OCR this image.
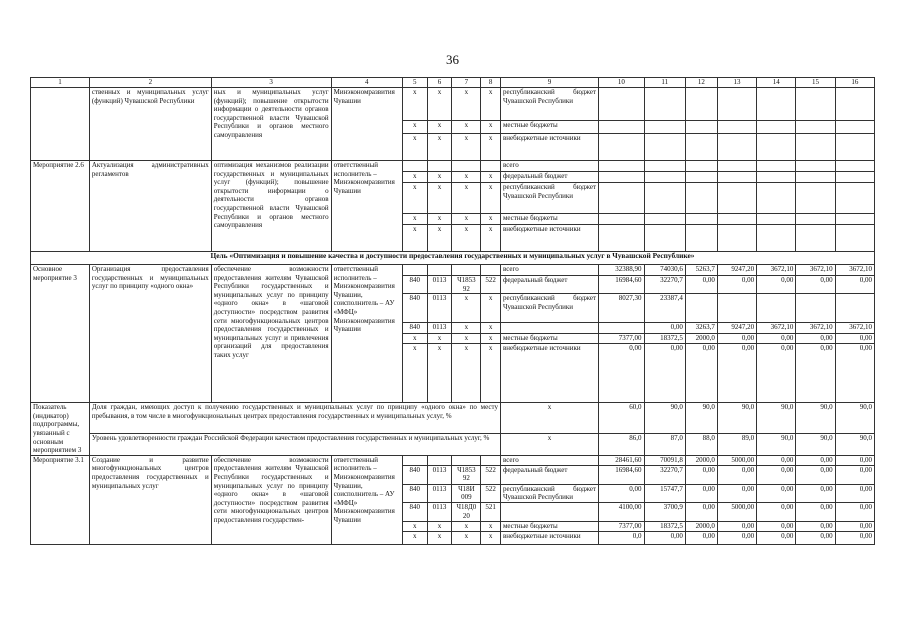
36
1	2	3	4	5	6	7	8	9	10	11	12	13	14	15	16
	ственных и муниципальных услуг (функций) Чувашской Республики	ных и муниципальных услуг (функций); повышение открытости информации о деятельности органов государственной власти Чувашской Республики и органов местного самоуправления	Минэкономразвития Чувашии	x	x	x	x	республиканский бюджет Чувашской Республики							
				x	x	x	x	местные бюджеты							
				x	x	x	x	внебюджетные источники							
Мероприятие 2.6	Актуализация административных регламентов	оптимизация механизмов реализации государственных и муниципальных услуг (функций); повышение открытости информации о деятельности органов государственной власти Чувашской Республики и органов местного самоуправления	ответственный исполнитель – Минэкономразвития Чувашии					всего							
				x	x	x	x	федеральный бюджет							
				x	x	x	x	республиканский бюджет Чувашской Республики							
				x	x	x	x	местные бюджеты							
				x	x	x	x	внебюджетные источники							
Цель «Оптимизация и повышение качества и доступности предоставления государственных и муниципальных услуг в Чувашской Республике»															
Основное мероприятие 3	Организация предоставления государственных и муниципальных услуг по принципу «одного окна»	обеспечение возможности предоставления жителям Чувашской Республики государственных и муниципальных услуг по принципу «одного окна» в «шаговой доступности» посредством развития сети многофункциональных центров предоставления государственных и муниципальных услуг и привлечения организаций для предоставления таких услуг	ответственный исполнитель – Минэкономразвития Чувашии, соисполнитель – АУ «МФЦ» Минэкономразвития Чувашии					всего	32388,90	74030,6	5263,7	9247,20	3672,10	3672,10	3672,10
				840	0113	Ч1853 92	522	федеральный бюджет	16984,60	32270,7	0,00	0,00	0,00	0,00	0,00
				840	0113	x	x	республиканский бюджет Чувашской Республики	8027,30	23387,4					
				840	0113	x	x			0,00	3263,7	9247,20	3672,10	3672,10	3672,10
				x	x	x	x	местные бюджеты	7377,00	18372,5	2000,0	0,00	0,00	0,00	0,00
				x	x	x	x	внебюджетные источники	0,00	0,00	0,00	0,00	0,00	0,00	0,00
Показатель (индикатор) подпрограммы, увязанный с основным мероприятием 3	Доля граждан, имеющих доступ к получению государственных и муниципальных услуг по принципу «одного окна» по месту пребывания, в том числе в многофункциональных центрах предоставления государственных и муниципальных услуг, %							x	60,0	90,0	90,0	90,0	90,0	90,0	90,0
	Уровень удовлетворенности граждан Российской Федерации качеством предоставления государственных и муниципальных услуг, %							x	86,0	87,0	88,0	89,0	90,0	90,0	90,0
Мероприятие 3.1	Создание и развитие многофункциональных центров предоставления государственных и муниципальных услуг	обеспечение возможности предоставления жителям Чувашской Республики государственных и муниципальных услуг по принципу «одного окна» в «шаговой доступности» посредством развития сети многофункциональных центров предоставления государствен-	ответственный исполнитель – Минэкономразвития Чувашии, соисполнитель – АУ «МФЦ» Минэкономразвития Чувашии					всего	28461,60	70091,8	2000,0	5000,00	0,00	0,00	0,00
				840	0113	Ч1853 92	522	федеральный бюджет	16984,60	32270,7	0,00	0,00	0,00	0,00	0,00
				840	0113	Ч18И 009	522	республиканский бюджет Чувашской Республики	0,00	15747,7	0,00	0,00	0,00	0,00	0,00
				840	0113	Ч18Д0 20	521		4100,00	3700,9	0,00	5000,00	0,00	0,00	0,00
				x	x	x	x	местные бюджеты	7377,00	18372,5	2000,0	0,00	0,00	0,00	0,00
				x	x	x	x	внебюджетные источники	0,0	0,00	0,00	0,00	0,00	0,00	0,00
